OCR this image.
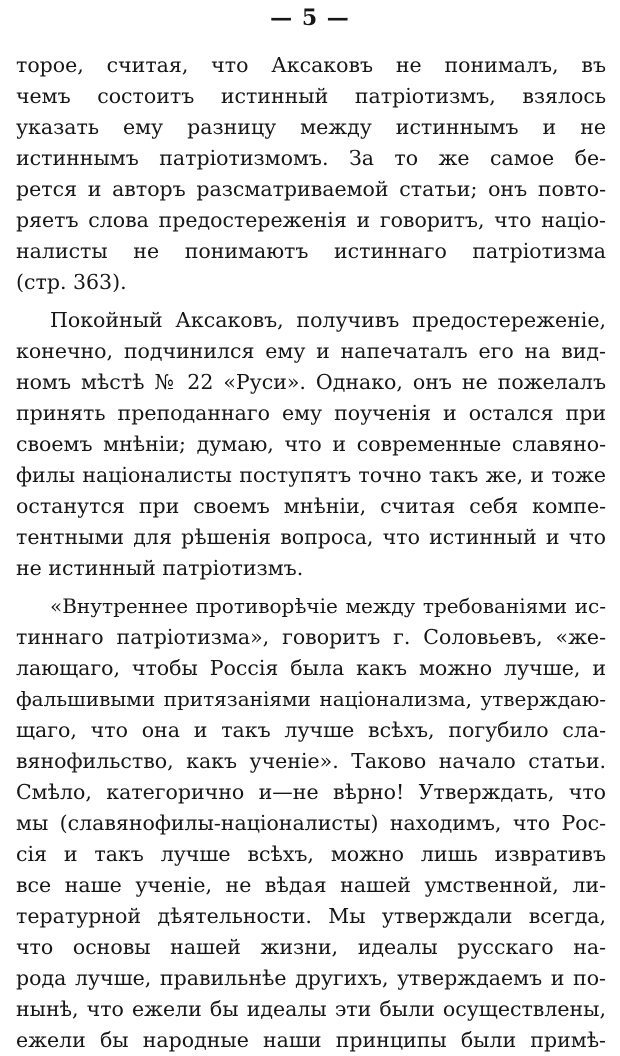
— 5 —
торое, считая, что Аксаковъ не понималъ, въ
чемъ состоитъ истинный патріотизмъ, взялось
указать ему разницу между истиннымъ и не
истиннымъ патріотизмомъ. За то же самое бе-
рется и авторъ разсматриваемой статьи; онъ повто-
ряетъ слова предостереженія и говоритъ, что націо-
налисты не понимаютъ истиннаго патріотизма
(стр. 363).
Покойный Аксаковъ, получивъ предостереженіе,
конечно, подчинился ему и напечаталъ его на вид-
номъ мѣстѣ № 22 «Руси». Однако, онъ не пожелалъ
принять преподаннаго ему поученія и остался при
своемъ мнѣніи; думаю, что и современные славяно-
филы націоналисты поступятъ точно такъ же, и тоже
останутся при своемъ мнѣніи, считая себя компе-
тентными для рѣшенія вопроса, что истинный и что
не истинный патріотизмъ.
«Внутреннее противорѣчіе между требованіями ис-
тиннаго патріотизма», говоритъ г. Соловьевъ, «же-
лающаго, чтобы Россія была какъ можно лучше, и
фальшивыми притязаніями націонализма, утверждаю-
щаго, что она и такъ лучше всѣхъ, погубило сла-
вянофильство, какъ ученіе». Таково начало статьи.
Смѣло, категорично и—не вѣрно! Утверждать, что
мы (славянофилы-націоналисты) находимъ, что Рос-
сія и такъ лучше всѣхъ, можно лишь извративъ
все наше ученіе, не вѣдая нашей умственной, ли-
тературной дѣятельности. Мы утверждали всегда,
что основы нашей жизни, идеалы русскаго на-
рода лучше, правильнѣе другихъ, утверждаемъ и по-
нынѣ, что ежели бы идеалы эти были осуществлены,
ежели бы народные наши принципы были примѣ-
